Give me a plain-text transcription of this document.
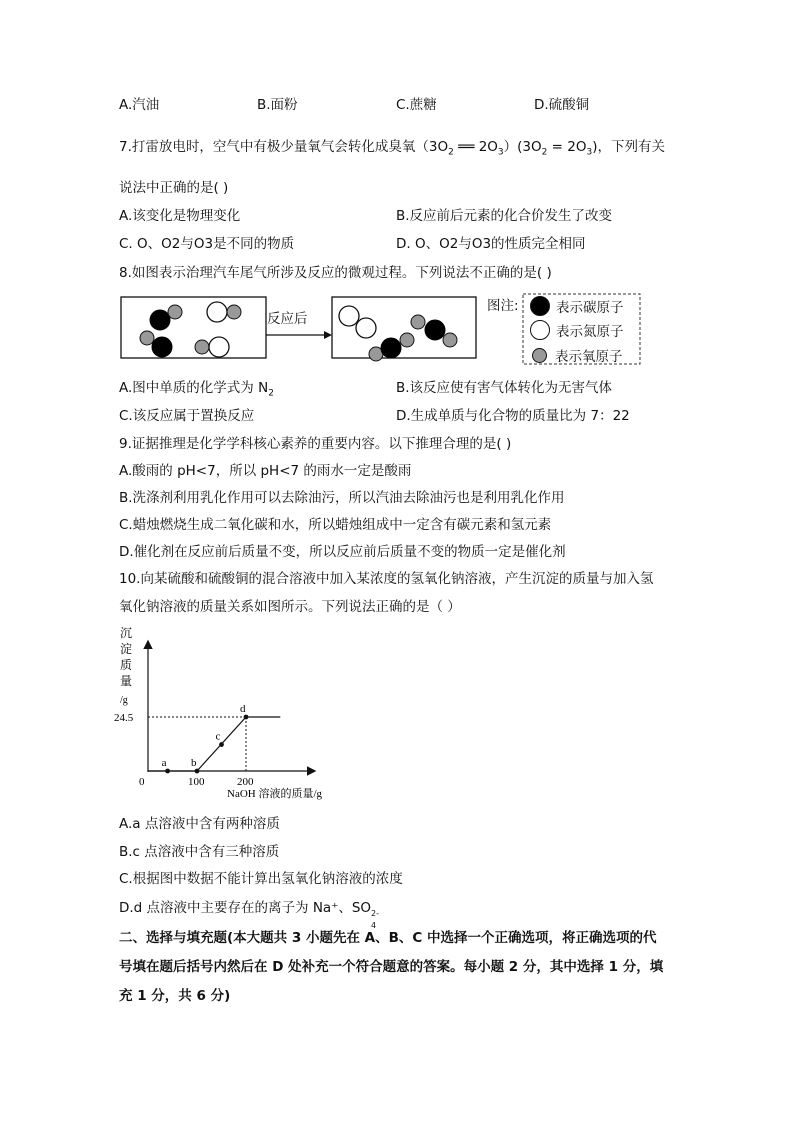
A.汽油	B.面粉	C.蔗糖	D.硫酸铜
7.打雷放电时，空气中有极少量氧气会转化成臭氧（$3O_2$ ══ $2O_3)(3O_2 = 2O_3)$，下列有关
说法中正确的是( )
A.该变化是物理变化	B.反应前后元素的化合价发生了改变
C. O、O2与O3是不同的物质	D. O、O2与O3的性质完全相同
8.如图表示治理汽车尾气所涉及反应的微观过程。下列说法不正确的是( )
反应后
图注:	表示碳原子
表示氮原子
表示氧原子
A.图中单质的化学式为 $N_2$	B.该反应使有害气体转化为无害气体
C.该反应属于置换反应	D.生成单质与化合物的质量比为 7：22
9.证据推理是化学学科核心素养的重要内容。以下推理合理的是( )
A.酸雨的 pH<7，所以 pH<7 的雨水一定是酸雨
B.洗涤剂利用乳化作用可以去除油污，所以汽油去除油污也是利用乳化作用
C.蜡烛燃烧生成二氧化碳和水，所以蜡烛组成中一定含有碳元素和氢元素
D.催化剂在反应前后质量不变，所以反应前后质量不变的物质一定是催化剂
10.向某硫酸和硫酸铜的混合溶液中加入某浓度的氢氧化钠溶液，产生沉淀的质量与加入氢
氧化钠溶液的质量关系如图所示。下列说法正确的是（ ）
沉
淀
质
量
/g
a b
c
d
0	100	200
24.5
NaOH 溶液的质量/g
A.a 点溶液中含有两种溶质
B.c 点溶液中含有三种溶质
C.根据图中数据不能计算出氢氧化钠溶液的浓度
D.d 点溶液中主要存在的离子为 Na⁺、SO 2-
4
二、选择与填充题(本大题共 3 小题先在 A、B、C 中选择一个正确选项，将正确选项的代
号填在题后括号内然后在 D 处补充一个符合题意的答案。每小题 2 分，其中选择 1 分，填
充 1 分，共 6 分)
